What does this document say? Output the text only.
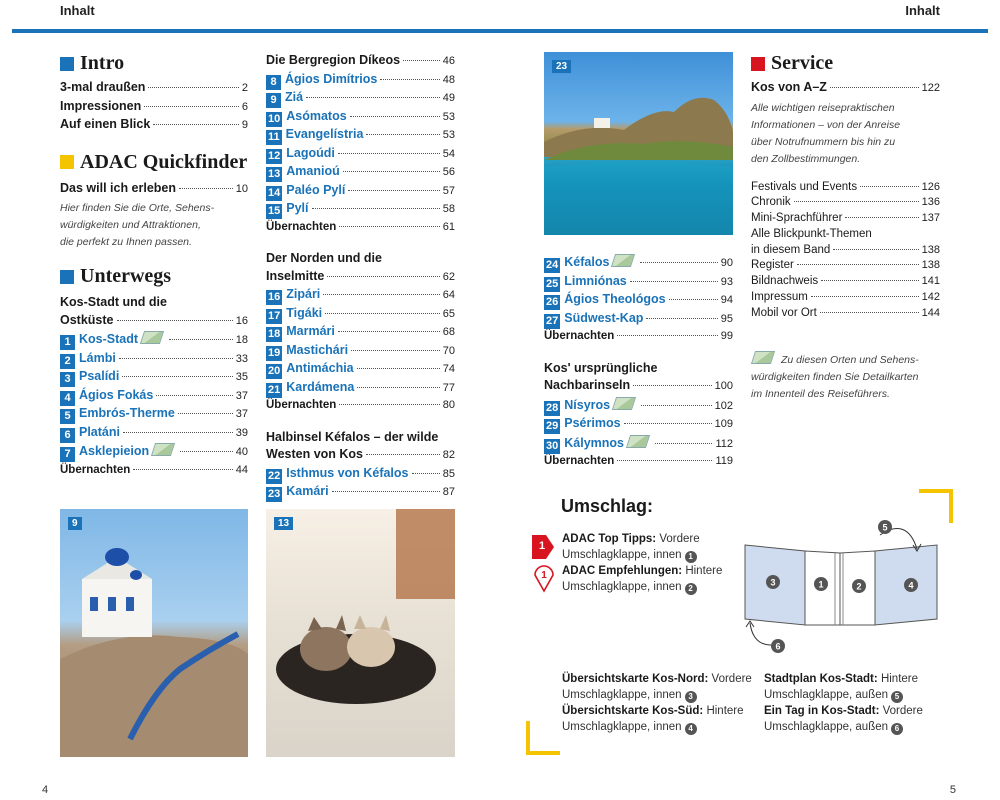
Inhalt	Inhalt
Intro
3-mal draußen	2
Impressionen	6
Auf einen Blick	9
ADAC Quickfinder
Das will ich erleben	10
Hier finden Sie die Orte, Sehens-
würdigkeiten und Attraktionen,
die perfekt zu Ihnen passen.
Unterwegs
Kos-Stadt und die
Ostküste	16
1 Kos-Stadt	18
2 Lámbi	33
3 Psalídi	35
4 Ágios Fokás	37
5 Embrós-Therme	37
6 Platáni	39
7 Asklepieion	40
Übernachten	44
Die Bergregion Díkeos	46
8 Ágios Dimítrios	48
9 Ziá	49
10 Asómatos	53
11 Evangelístria	53
12 Lagoúdi	54
13 Amanioú	56
14 Paléo Pylí	57
15 Pylí	58
Übernachten	61
Der Norden und die
Inselmitte	62
16 Zipári	64
17 Tigáki	65
18 Marmári	68
19 Mastichári	70
20 Antimáchia	74
21 Kardámena	77
Übernachten	80
Halbinsel Kéfalos – der wilde
Westen von Kos	82
22 Isthmus von Kéfalos	85
23 Kamári	87
23
24 Kéfalos	90
25 Limniónas	93
26 Ágios Theológos	94
27 Südwest-Kap	95
Übernachten	99
Kos' ursprüngliche
Nachbarinseln	100
28 Nísyros	102
29 Psérimos	109
30 Kálymnos	112
Übernachten	119
Service
Kos von A–Z	122
Alle wichtigen reisepraktischen
Informationen – von der Anreise
über Notrufnummern bis hin zu
den Zollbestimmungen.
Festivals und Events	126
Chronik	136
Mini-Sprachführer	137
Alle Blickpunkt-Themen
in diesem Band	138
Register	138
Bildnachweis	141
Impressum	142
Mobil vor Ort	144
Zu diesen Orten und Sehens-
würdigkeiten finden Sie Detailkarten
im Innenteil des Reiseführers.
9	13
Umschlag:
1
1
ADAC Top Tipps: Vordere
Umschlagklappe, innen 1
ADAC Empfehlungen: Hintere
Umschlagklappe, innen 2
3	1	2	4
5
6
Übersichtskarte Kos-Nord: Vordere
Umschlagklappe, innen 3
Übersichtskarte Kos-Süd: Hintere
Umschlagklappe, innen 4
Stadtplan Kos-Stadt: Hintere
Umschlagklappe, außen 5
Ein Tag in Kos-Stadt: Vordere
Umschlagklappe, außen 6
4	5
